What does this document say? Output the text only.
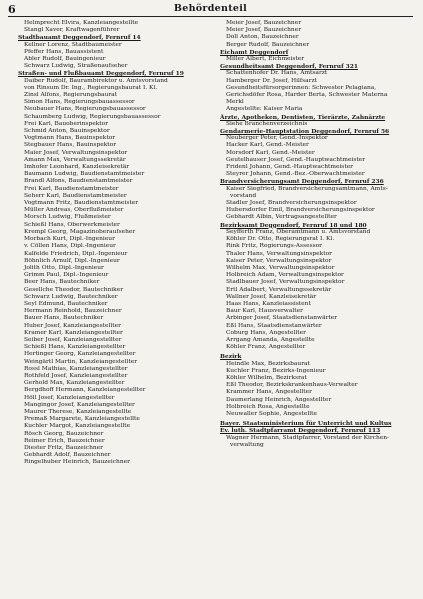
6	Behördenteil
Helmprecht Elvira, Kanzleiangestellte
Stangl Xaver, Kraftwagenführer
Stadtbauamt Deggendorf, Fernruf 14
Kellner Lorenz, Stadtbaumeister
Pfeffer Hans, Bauassistent
Abler Rudolf, Bauingenieur
Schwarz Ludwig, Straßenaufseher
Straßen- und Flußbauamt Deggendorf, Fernruf 19
Daiber Rudolf, Baurambirektor u. Amtsvorstand
von Rinsum Dr. Ing., Regierungsbaurat I. Kl.
Zinsl Alfons, Regierungsbaurat
Simon Hans, Regierungsbauassessor
Neubauer Hans, Regierungsbauassessor
Schaumberg Ludwig, Regierungsbauassessor
Frei Karl, Bauoberinspektor
Schmid Anton, Bauinspektor
Vogtmann Hans, Bauinspektor
Stegbauer Hans, Bauinspektor
Maier Josef, Verwaltungsinspektor
Amann Max, Verwaltungssekretär
Imhofer Leonhard, Kanzleisekretär
Baumann Ludwig, Baudienstamtmeister
Brandl Alfons, Baudienstamtmeister
Frei Karl, Baudienstamtmeister
Seherr Karl, Baudienstamtmeister
Vogtmann Fritz, Baudienstamtmeister
Müller Andreas, Oberflußmeister
Morsch Ludwig, Flußmeister
Schießl Hans, Oberwerkmeister
Krempl Georg, Magazinoberaufseher
Morbach Kurt, Dipl.-Ingenieur
v. Cöllen Hans, Dipl.-Ingenieur
Kalfelde Friedrich, Dipl.-Ingenieur
Böhnlich Arnulf, Dipl.-Ingenieur
Jolith Otto, Dipl.-Ingenieur
Grimm Paul, Dipl.-Ingenieur
Beer Hans, Bautechniker
Gesellche Theodor, Bautechniker
Schwarz Ludwig, Bautechniker
Seyl Edmund, Bautechniker
Hermann Reinhold, Bauzeichner
Bauer Hans, Bautechniker
Huber Josef, Kanzleiangestellter
Kramer Karl, Kanzleiangestellter
Seiber Josef, Kanzleiangestellter
Schießl Hans, Kanzleiangestellter
Hertinger Georg, Kanzleiangestellter
Weingärtl Martin, Kanzleiangestellter
Rossl Mathias, Kanzleiangestellter
Rothfeld Josef, Kanzleiangestellter
Gerhold Max, Kanzleiangestellter
Bergdhoff Hermann, Kanzleiangestellter
Höll Josef, Kanzleiangestellter
Mangingor Josef, Kanzleiangestellter
Maurer Therese, Kanzleiangestellte
Premaß Margarete, Kanzleiangestellte
Kuchler Margot, Kanzleiangestellte
Rösch Georg, Bauzeichner
Reimer Erich, Bauzeichner
Diester Fritz, Bauzeichner
Gebhardt Adolf, Bauzeichner
Ringelhuber Heinrich, Bauzeichner
Meier Josef, Bauzeichner
Meier Josef, Bauzeichner
Doll Anton, Bauzeichner
Berger Rudolf, Bauzeichner
Eichamt Deggendorf
Miller Albert, Eichmeister
Gesundheitsamt Deggendorf, Fernruf 321
Schattenhofer Dr. Hans, Amtsarzt
Hamberger Dr. Josef, Hilfsarzt
Gesundheitsfürsorgerinnen: Schwester Pelagiana,
Gerichsdöfer Rosa, Harder Berta, Schwester Materna
Merkl
Angestellte: Kaiser Maria
Ärzte, Apotheken, Dentisten, Tierärzte, Zahnärzte
Siehe Branchenverzeichnis
Gendarmerie-Hauptstation Deggendorf, Fernruf 56
Neuberger Peter, Gend.-Inspektor
Hacker Karl, Gend.-Meister
Morsdorf Karl, Gend.-Meister
Geutelhauser Josef, Gend.-Hauptwachtmeister
Fridenl Johann, Gend.-Hauptwachtmeister
Steyrer Johann, Gend.-Bez.-Oberwachtmeister
Brandversicherungsamt Deggendorf, Fernruf 236
Kaiser Siegfried, Brandversicherungsamtmann, Amts-
vorstand
Stadler Josef, Brandversicherungsinspektor
Hubersdorfer Emil, Brandversicherungsinspektor
Gebhardt Albin, Vertragsangestellter
Bezirksamt Deggendorf, Fernruf 18 und 180
Seyfferth Franz, Oberamtmann u. Amtsvorstand
Köhler Dr. Otto, Regierungsrat I. Kl.
Rink Fritz, Regierungs-Assessor
Thaler Hans, Verwaltungsinspektor
Kaiser Peter, Verwaltungsinspektor
Wilhelm Max, Verwaltungsinspektor
Holbreich Adam, Verwaltungsinspektor
Stadlbauer Josef, Verwaltungsinspektor
Ertl Adalbert, Verwaltungssekretär
Wallner Josef, Kanzleisekretär
Haas Hans, Kanzleiassistent
Baur Karl, Hausverwalter
Arbinger Josef, Staatsdienstanwärter
Eßl Hans, Staatsdienstanwärter
Coburg Hans, Angestellter
Arrgang Amanda, Angestellte
Köhler Franz, Angestellter
Bezirk
Heindle Max, Bezirksbaurat
Kuchler Franz, Bezirks-Ingenieur
Köhler Wilhelm, Bezirksrat
Eßl Theodor, Bezirkskrankenhaus-Verwalter
Krammer Hans, Angestellter
Daumerlang Heinrich, Angestellter
Holbreich Rosa, Angestellte
Neuwaller Sophie, Angestellte
Bayer. Staatsministerium für Unterricht und Kultus
Ev. luth. Stadtpfarramt Deggendorf, Fernruf 113
Wagner Hermann, Stadtpfarrer, Vorstand der Kirchen-
verwaltung
